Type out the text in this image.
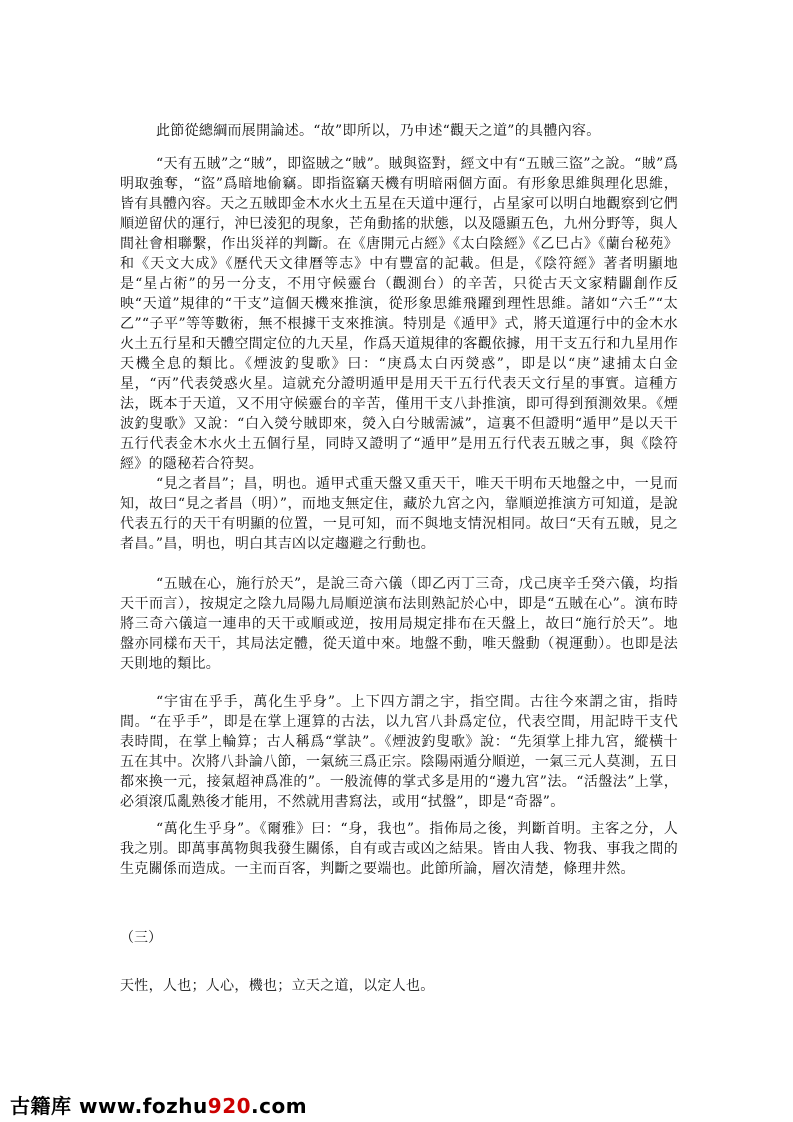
此節從總綱而展開論述。“故”即所以，乃申述“觀天之道”的具體內容。

“天有五賊”之“賊”，即盜賊之“賊”。賊與盜對，經文中有“五賊三盜”之說。“賊”爲明取強奪，“盜”爲暗地偷竊。即指盜竊天機有明暗兩個方面。有形象思維與理化思維，皆有具體內容。天之五賊即金木水火土五星在天道中運行，占星家可以明白地觀察到它們順逆留伏的運行，沖巳淩犯的現象，芒角動搖的狀態，以及隱顯五色，九州分野等，與人間社會相聯繫，作出災祥的判斷。在《唐開元占經》《太白陰經》《乙巳占》《蘭台秘苑》和《天文大成》《歷代天文律曆等志》中有豐富的記載。但是，《陰符經》著者明顯地是“星占術”的另一分支，不用守候靈台（觀測台）的辛苦，只從古天文家精闢創作反映“天道”規律的“干支”這個天機來推演，從形象思維飛躍到理性思維。諸如“六壬”“太乙”“子平”等等數術，無不根據干支來推演。特別是《遁甲》式，將天道運行中的金木水火土五行星和天體空間定位的九天星，作爲天道規律的客觀依據，用干支五行和九星用作天機全息的類比。《煙波釣叟歌》曰：“庚爲太白丙熒惑”，即是以“庚”逮捕太白金星，“丙”代表熒惑火星。這就充分證明遁甲是用天干五行代表天文行星的事實。這種方法，既本于天道，又不用守候靈台的辛苦，僅用干支八卦推演，即可得到預測效果。《煙波釣叟歌》又說：“白入熒兮賊即來，熒入白兮賊需滅”，這裏不但證明“遁甲”是以天干五行代表金木水火土五個行星，同時又證明了“遁甲”是用五行代表五賊之事，與《陰符經》的隱秘若合符契。

“見之者昌”；昌，明也。遁甲式重天盤又重天干，唯天干明布天地盤之中，一見而知，故曰“見之者昌（明）”，而地支無定住，藏於九宮之內，靠順逆推演方可知道，是說代表五行的天干有明顯的位置，一見可知，而不與地支情況相同。故曰“天有五賊，見之者昌。”昌，明也，明白其吉凶以定趨避之行動也。

“五賊在心，施行於天”，是說三奇六儀（即乙丙丁三奇，戊己庚辛壬癸六儀，均指天干而言），按規定之陰九局陽九局順逆演布法則熟記於心中，即是“五賊在心”。演布時將三奇六儀這一連串的天干或順或逆，按用局規定排布在天盤上，故曰“施行於天”。地盤亦同樣布天干，其局法定體，從天道中來。地盤不動，唯天盤動（視運動）。也即是法天則地的類比。

“宇宙在乎手，萬化生乎身”。上下四方謂之宇，指空間。古往今來謂之宙，指時間。“在乎手”，即是在掌上運算的古法，以九宮八卦爲定位，代表空間，用記時干支代表時間，在掌上輪算；古人稱爲“掌訣”。《煙波釣叟歌》說：“先須掌上排九宮，縱橫十五在其中。次將八卦論八節，一氣統三爲正宗。陰陽兩遁分順逆，一氣三元人莫測，五日都來換一元，接氣超神爲准的”。一般流傳的掌式多是用的“邊九宮”法。“活盤法”上掌，必須滾瓜亂熟後才能用，不然就用書寫法，或用“拭盤”，即是“奇器”。

“萬化生乎身”。《爾雅》曰：“身，我也”。指佈局之後，判斷首明。主客之分，人我之別。即萬事萬物與我發生關係，自有或吉或凶之結果。皆由人我、物我、事我之間的生克關係而造成。一主而百客，判斷之要端也。此節所論，層次清楚，條理井然。

（三）

天性，人也；人心，機也；立天之道，以定人也。

古籍库 www.fozhu920.com
